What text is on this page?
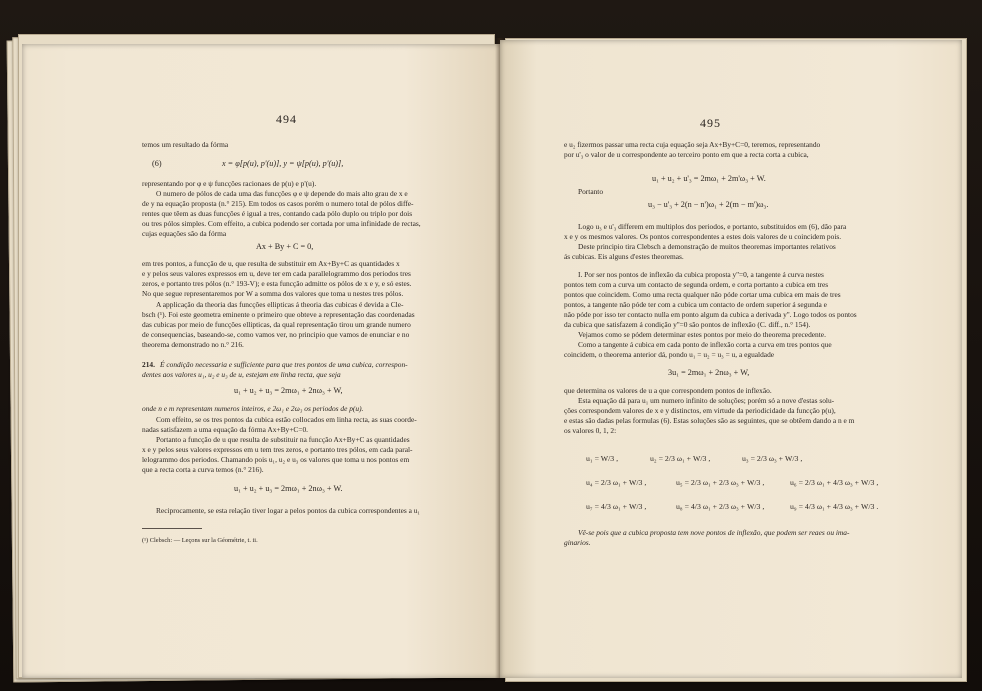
494
temos um resultado da fórma
(6)	x = φ[p(u), p'(u)], y = ψ[p(u), p'(u)],
representando por φ e ψ funcções racionaes de p(u) e p'(u).
O numero de pólos de cada uma das funcções φ e ψ depende do mais alto grau de x e
de y na equação proposta (n.° 215). Em todos os casos porém o numero total de pólos diffe-
rentes que têem as duas funcções é igual a tres, contando cada pólo duplo ou triplo por dois
ou tres pólos simples. Com effeito, a cubica podendo ser cortada por uma infinidade de rectas,
cujas equações são da fórma
Ax + By + C = 0,
em tres pontos, a funcção de u, que resulta de substituir em Ax+By+C as quantidades x
e y pelos seus valores expressos em u, deve ter em cada parallelogrammo dos periodos tres
zeros, e portanto tres pólos (n.° 193-V); e esta funcção admitte os pólos de x e y, e só estes.
No que segue representaremos por W a somma dos valores que toma u nestes tres pólos.
A applicação da theoria das funcções ellipticas á theoria das cubicas é devida a Cle-
bsch (¹). Foi este geometra eminente o primeiro que obteve a representação das coordenadas
das cubicas por meio de funcções ellipticas, da qual representação tirou um grande numero
de consequencias, baseando-se, como vamos ver, no principio que vamos de enunciar e no
theorema demonstrado no n.° 216.
214. É condição necessaria e sufficiente para que tres pontos de uma cubica, correspon-
dentes aos valores u₁, u₂ e u₃ de u, estejam em linha recta, que seja
u₁ + u₂ + u₃ = 2mω₁ + 2nω₃ + W,
onde n e m representam numeros inteiros, e 2ω₁ e 2ω₃ os periodos de p(u).
Com effeito, se os tres pontos da cubica estão collocados em linha recta, as suas coorde-
nadas satisfazem a uma equação da fórma Ax+By+C=0.
Portanto a funcção de u que resulta de substituir na funcção Ax+By+C as quantidades
x e y pelos seus valores expressos em u tem tres zeros, e portanto tres pólos, em cada paral-
lelogrammo dos periodos. Chamando pois u₁, u₂ e u₃ os valores que toma u nos pontos em
que a recta corta a curva temos (n.° 216).
u₁ + u₂ + u₃ = 2mω₁ + 2nω₃ + W.
Reciprocamente, se esta relação tiver logar a pelos pontos da cubica correspondentes a u₁
(¹) Clebsch: — Leçons sur la Géométrie, t. ii.
495
e u₂ fizermos passar uma recta cuja equação seja Ax+By+C=0, teremos, representando
por u'₃ o valor de u correspondente ao terceiro ponto em que a recta corta a cubica,
u₁ + u₂ + u'₃ = 2mω₁ + 2m'ω₃ + W.
Portanto
u₃ − u'₃ + 2(n − n')ω₁ + 2(m − m')ω₃.
Logo u₃ e u'₃ differem em multiplos dos periodos, e portanto, substituidos em (6), dão para
x e y os mesmos valores. Os pontos correspondentes a estes dois valores de u coincidem pois.
Deste principio tira Clebsch a demonstração de muitos theoremas importantes relativos
ás cubicas. Eis alguns d'estes theoremas.
I. Por ser nos pontos de inflexão da cubica proposta y''=0, a tangente á curva nestes
pontos tem com a curva um contacto de segunda ordem, e corta portanto a cubica em tres
pontos que coincidem. Como uma recta qualquer não póde cortar uma cubica em mais de tres
pontos, a tangente não póde ter com a cubica um contacto de ordem superior á segunda e
não póde por isso ter contacto nulla em ponto algum da cubica a derivada y''. Logo todos os pontos
da cubica que satisfazem á condição y''=0 são pontos de inflexão (C. diff., n.° 154).
Vejamos como se pódem determinar estes pontos por meio do theorema precedente.
Como a tangente á cubica em cada ponto de inflexão corta a curva em tres pontos que
coincidem, o theorema anterior dá, pondo u₁ = u₂ = u₃ = u, a egualdade
3u₁ = 2mω₁ + 2nω₃ + W,
que determina os valores de u a que correspondem pontos de inflexão.
Esta equação dá para u₁ um numero infinito de soluções; porém só a nove d'estas solu-
ções correspondem valores de x e y distinctos, em virtude da periodicidade da funcção p(u),
e estas são dadas pelas formulas (6). Estas soluções são as seguintes, que se obtêem dando a n e m
os valores 0, 1, 2:
u₁ = W/3 ,	u₂ = 2/3 ω₁ + W/3 ,	u₃ = 2/3 ω₃ + W/3 ,
u₄ = 2/3 ω₁ + W/3 ,	u₅ = 2/3 ω₁ + 2/3 ω₃ + W/3 ,	u₆ = 2/3 ω₁ + 4/3 ω₃ + W/3 ,
u₇ = 4/3 ω₁ + W/3 ,	u₈ = 4/3 ω₁ + 2/3 ω₃ + W/3 ,	u₉ = 4/3 ω₁ + 4/3 ω₃ + W/3 .
Vê-se pois que a cubica proposta tem nove pontos de inflexão, que podem ser reaes ou ima-
ginarios.
